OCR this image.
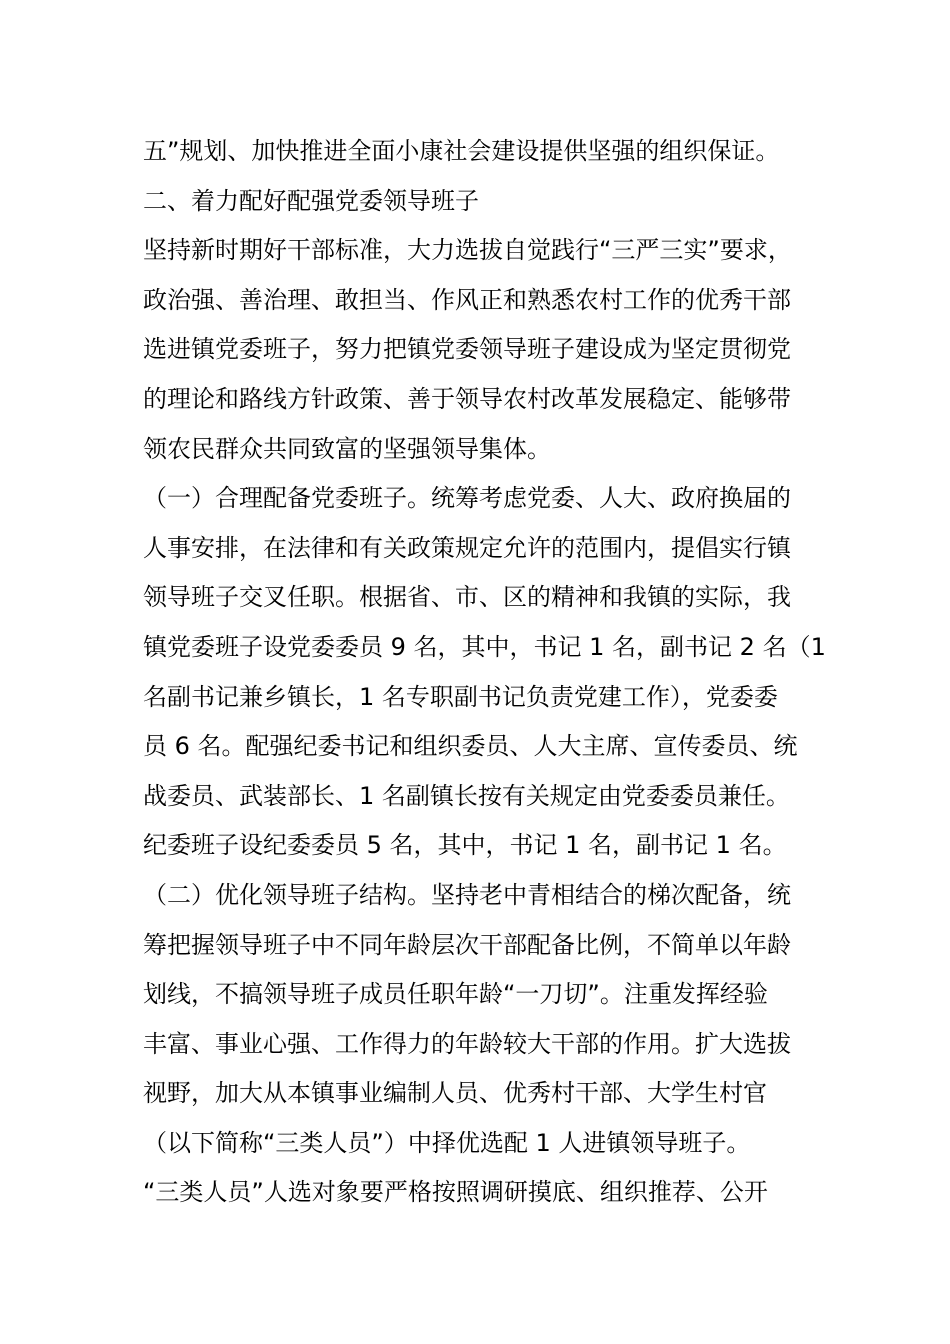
五”规划、加快推进全面小康社会建设提供坚强的组织保证。
二、着力配好配强党委领导班子
坚持新时期好干部标准，大力选拔自觉践行“三严三实”要求，
政治强、善治理、敢担当、作风正和熟悉农村工作的优秀干部
选进镇党委班子，努力把镇党委领导班子建设成为坚定贯彻党
的理论和路线方针政策、善于领导农村改革发展稳定、能够带
领农民群众共同致富的坚强领导集体。
（一）合理配备党委班子。统筹考虑党委、人大、政府换届的
人事安排，在法律和有关政策规定允许的范围内，提倡实行镇
领导班子交叉任职。根据省、市、区的精神和我镇的实际，我
镇党委班子设党委委员 9 名，其中，书记 1 名，副书记 2 名（1
名副书记兼乡镇长，1 名专职副书记负责党建工作），党委委
员 6 名。配强纪委书记和组织委员、人大主席、宣传委员、统
战委员、武装部长、1 名副镇长按有关规定由党委委员兼任。
纪委班子设纪委委员 5 名，其中，书记 1 名，副书记 1 名。
（二）优化领导班子结构。坚持老中青相结合的梯次配备，统
筹把握领导班子中不同年龄层次干部配备比例，不简单以年龄
划线，不搞领导班子成员任职年龄“一刀切”。注重发挥经验
丰富、事业心强、工作得力的年龄较大干部的作用。扩大选拔
视野，加大从本镇事业编制人员、优秀村干部、大学生村官
（以下简称“三类人员”）中择优选配 1 人进镇领导班子。
“三类人员”人选对象要严格按照调研摸底、组织推荐、公开
